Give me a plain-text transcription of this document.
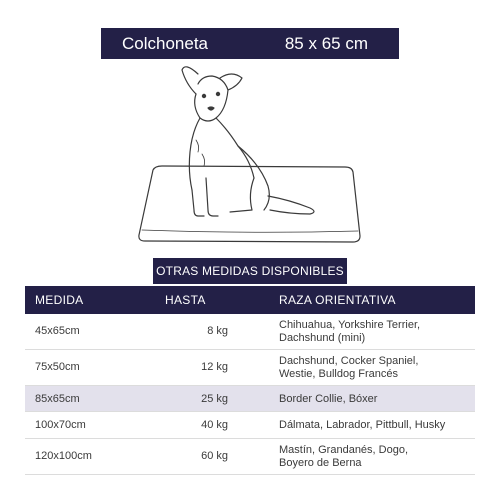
Colchoneta	85 x 65 cm
OTRAS MEDIDAS DISPONIBLES
MEDIDA	HASTA	RAZA ORIENTATIVA
45x65cm	8 kg	Chihuahua, Yorkshire Terrier,
Dachshund (mini)
75x50cm	12 kg	Dachshund, Cocker Spaniel,
Westie, Bulldog Francés
85x65cm	25 kg	Border Collie, Bóxer
100x70cm	40 kg	Dálmata, Labrador, Pittbull, Husky
120x100cm	60 kg	Mastín, Grandanés, Dogo,
Boyero de Berna
